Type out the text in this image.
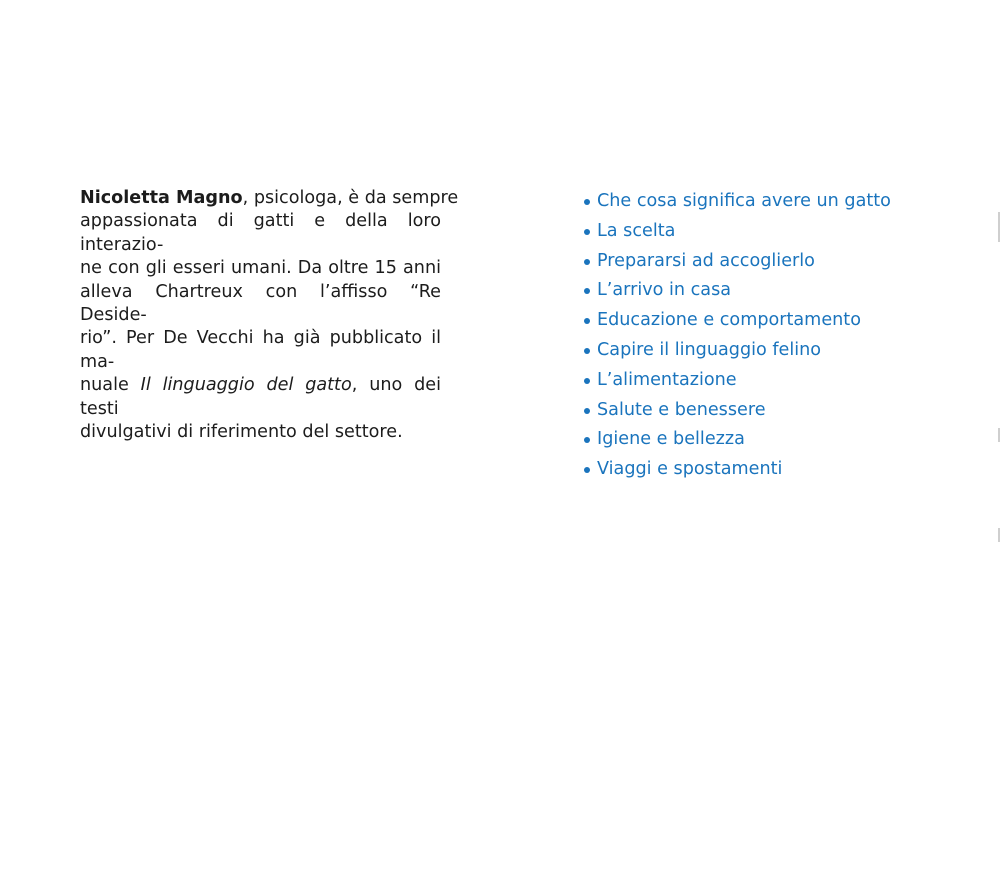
Nicoletta Magno, psicologa, è da sempre
appassionata di gatti e della loro interazio-
ne con gli esseri umani. Da oltre 15 anni
alleva Chartreux con l’affisso “Re Deside-
rio”. Per De Vecchi ha già pubblicato il ma-
nuale Il linguaggio del gatto, uno dei testi
divulgativi di riferimento del settore.
Che cosa significa avere un gatto
La scelta
Prepararsi ad accoglierlo
L’arrivo in casa
Educazione e comportamento
Capire il linguaggio felino
L’alimentazione
Salute e benessere
Igiene e bellezza
Viaggi e spostamenti
